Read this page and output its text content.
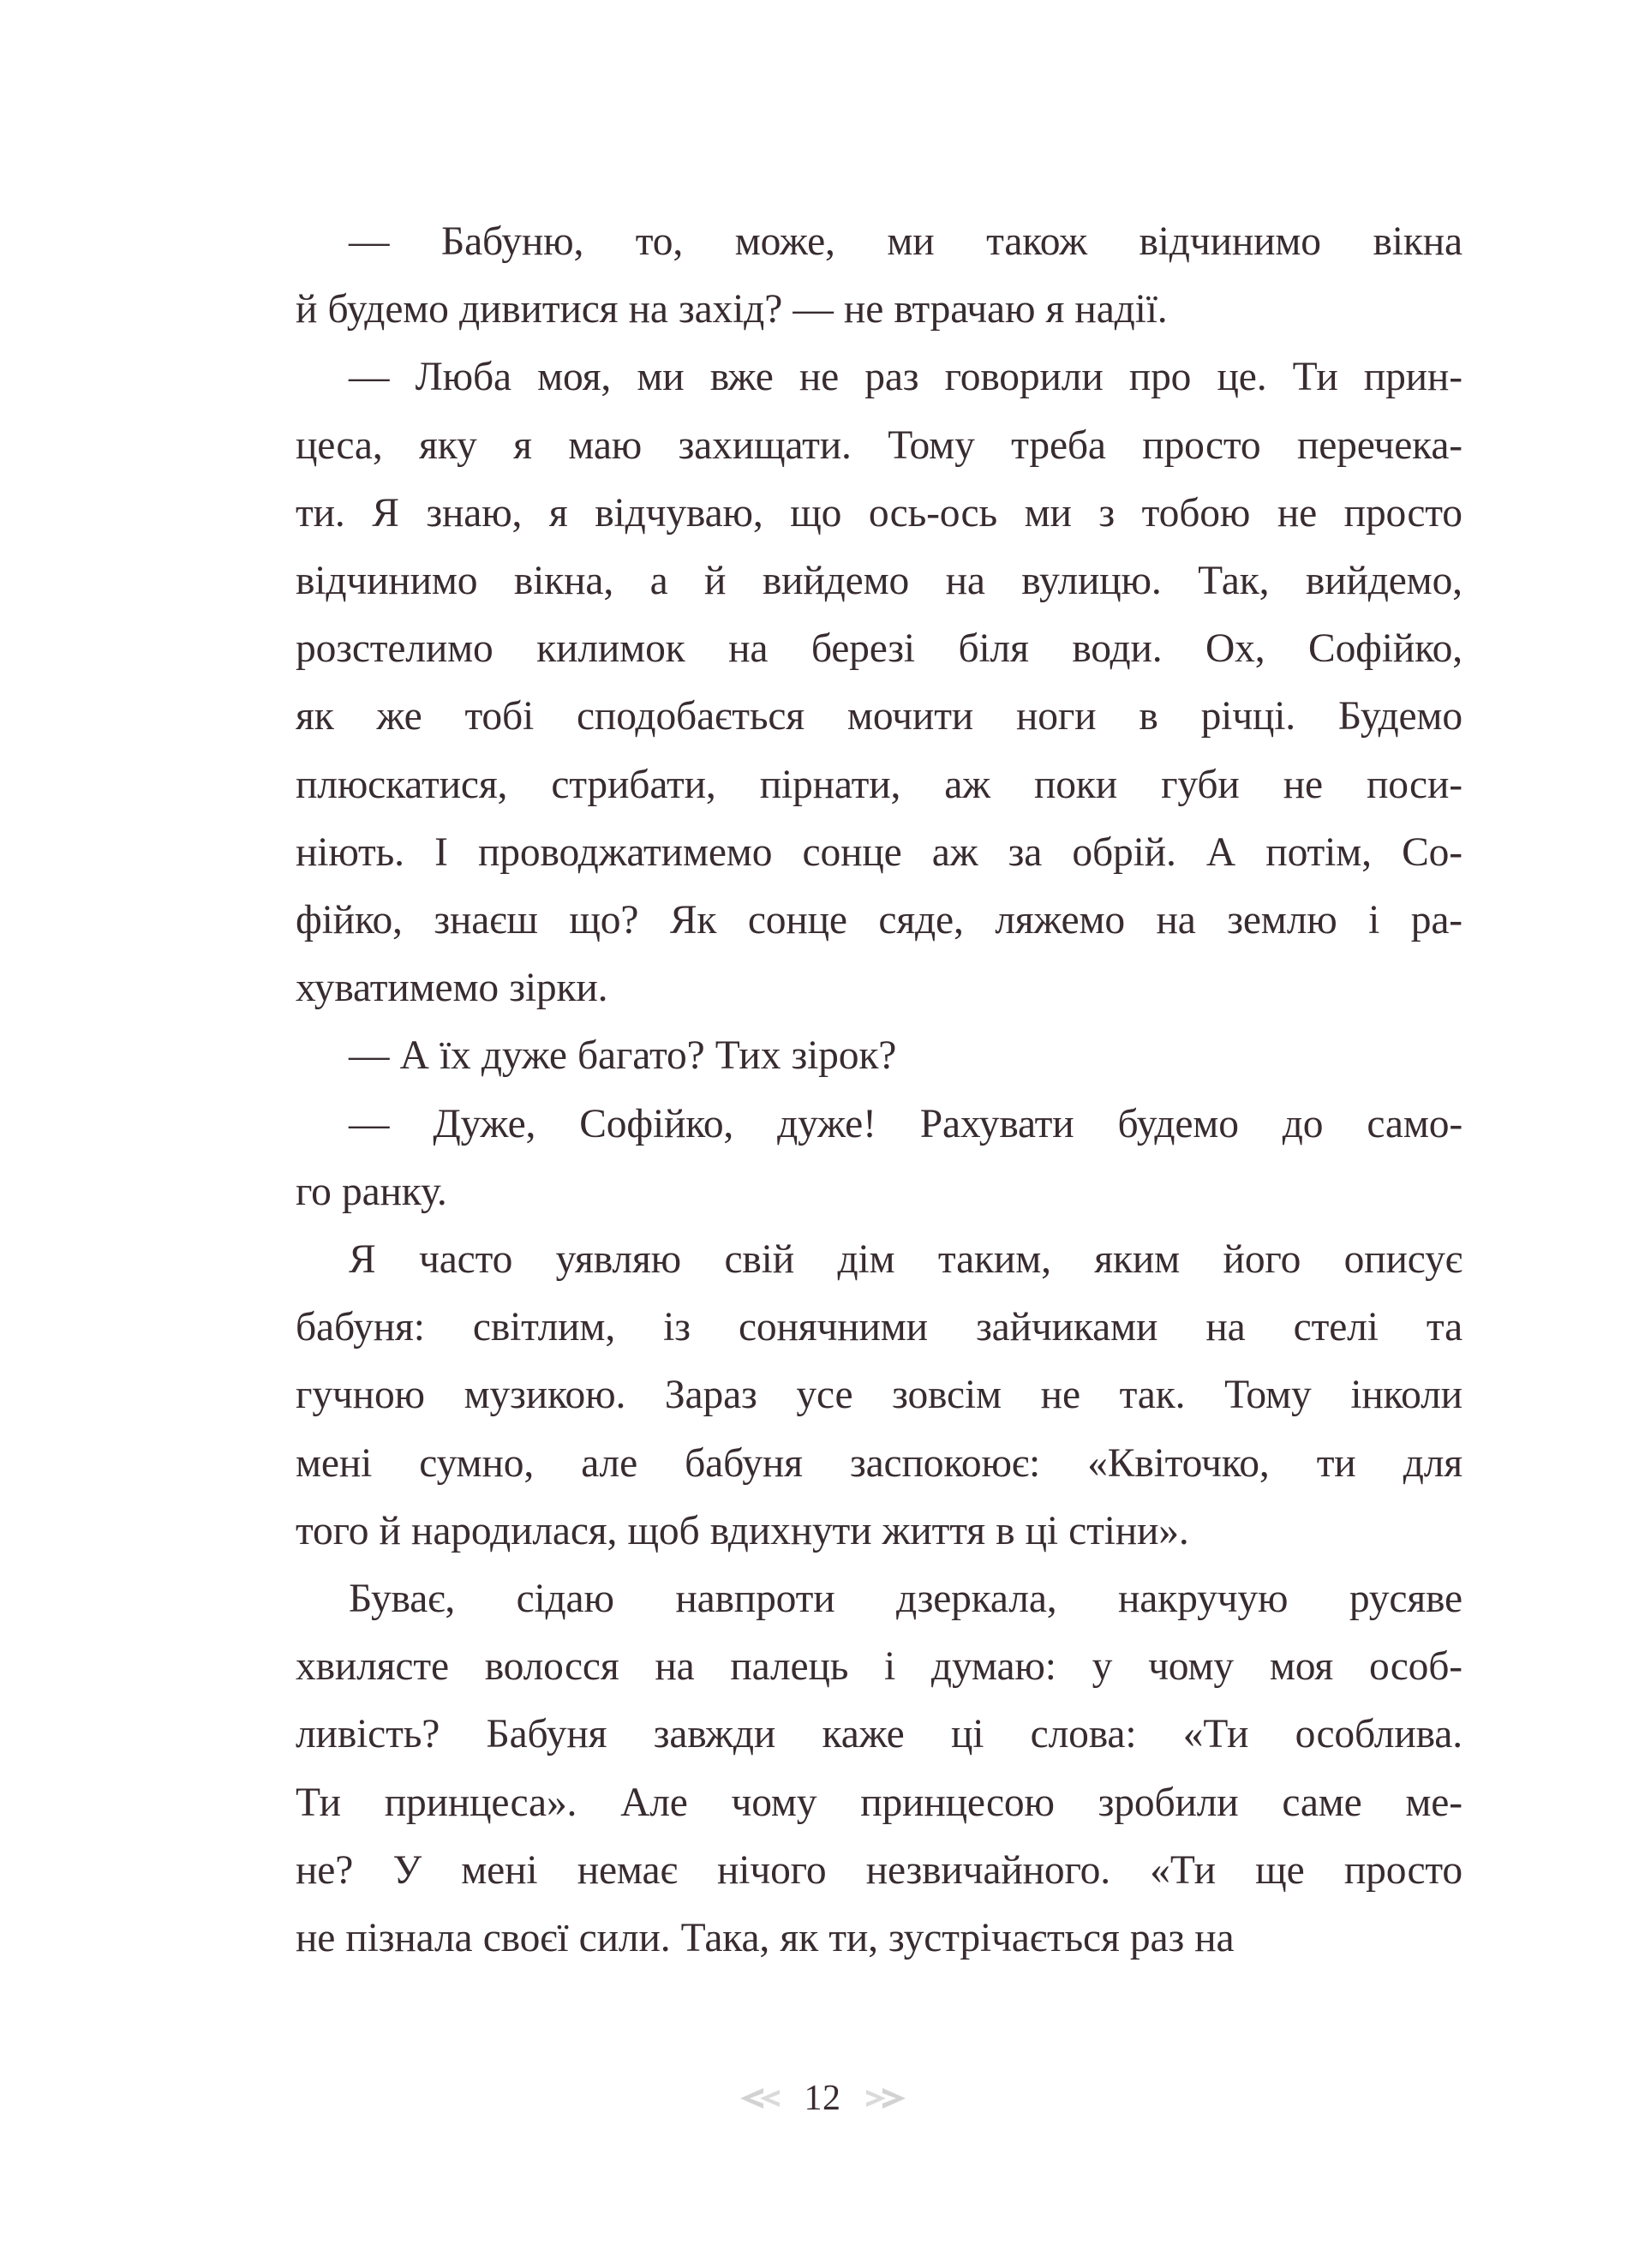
— Бабуню, то, може, ми також відчинимо вікна
й будемо дивитися на захід? — не втрачаю я надії.

— Люба моя, ми вже не раз говорили про це. Ти прин-
цеса, яку я маю захищати. Тому треба просто перечека-
ти. Я знаю, я відчуваю, що ось-ось ми з тобою не просто
відчинимо вікна, а й вийдемо на вулицю. Так, вийдемо,
розстелимо килимок на березі біля води. Ох, Софійко,
як же тобі сподобається мочити ноги в річці. Будемо
плюскатися, стрибати, пірнати, аж поки губи не поси-
ніють. І проводжатимемо сонце аж за обрій. А потім, Со-
фійко, знаєш що? Як сонце сяде, ляжемо на землю і ра-
хуватимемо зірки.

— А їх дуже багато? Тих зірок?

— Дуже, Софійко, дуже! Рахувати будемо до само-
го ранку.

Я часто уявляю свій дім таким, яким його описує
бабуня: світлим, із сонячними зайчиками на стелі та
гучною музикою. Зараз усе зовсім не так. Тому інколи
мені сумно, але бабуня заспокоює: «Квіточко, ти для
того й народилася, щоб вдихнути життя в ці стіни».

Буває, сідаю навпроти дзеркала, накручую русяве
хвилясте волосся на палець і думаю: у чому моя особ-
ливість? Бабуня завжди каже ці слова: «Ти особлива.
Ти принцеса». Але чому принцесою зробили саме ме-
не? У мені немає нічого незвичайного. «Ти ще просто
не пізнала своєї сили. Така, як ти, зустрічається раз на

12
